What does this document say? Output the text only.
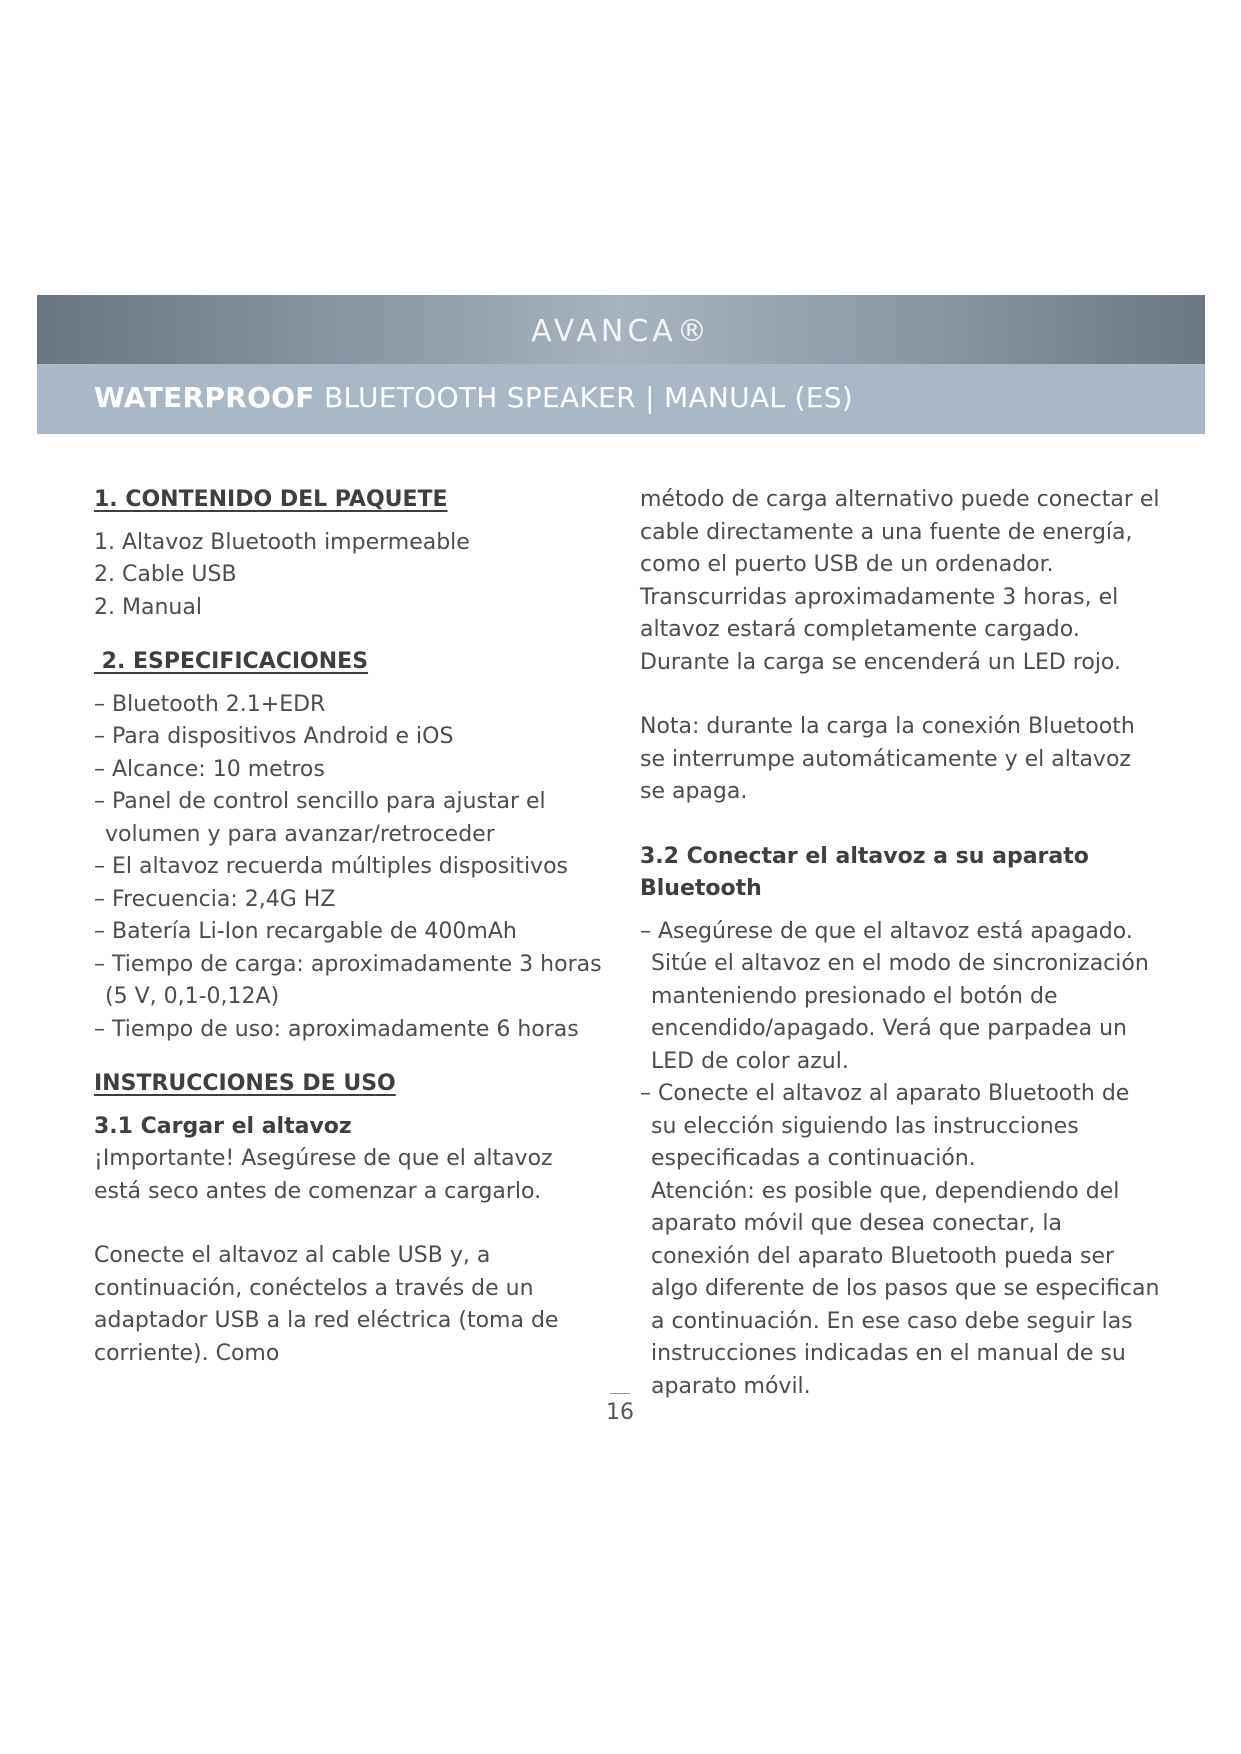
AVANCA®
WATERPROOF BLUETOOTH SPEAKER | MANUAL (ES)

1. CONTENIDO DEL PAQUETE

1. Altavoz Bluetooth impermeable
2. Cable USB
2. Manual

2. ESPECIFICACIONES

– Bluetooth 2.1+EDR
– Para dispositivos Android e iOS
– Alcance: 10 metros
– Panel de control sencillo para ajustar el volumen y para avanzar/retroceder
– El altavoz recuerda múltiples dispositivos
– Frecuencia: 2,4G HZ
– Batería Li-Ion recargable de 400mAh
– Tiempo de carga: aproximadamente 3 horas (5 V, 0,1-0,12A)
– Tiempo de uso: aproximadamente 6 horas

INSTRUCCIONES DE USO

3.1 Cargar el altavoz

¡Importante! Asegúrese de que el altavoz está seco antes de comenzar a cargarlo.

Conecte el altavoz al cable USB y, a continuación, conéctelos a través de un adaptador USB a la red eléctrica (toma de corriente). Como

método de carga alternativo puede conectar el cable directamente a una fuente de energía, como el puerto USB de un ordenador. Transcurridas aproximadamente 3 horas, el altavoz estará completamente cargado. Durante la carga se encenderá un LED rojo.

Nota: durante la carga la conexión Bluetooth se interrumpe automáticamente y el altavoz se apaga.

3.2 Conectar el altavoz a su aparato Bluetooth

– Asegúrese de que el altavoz está apagado. Sitúe el altavoz en el modo de sincronización manteniendo presionado el botón de encendido/apagado. Verá que parpadea un LED de color azul.
– Conecte el altavoz al aparato Bluetooth de su elección siguiendo las instrucciones especificadas a continuación.

Atención: es posible que, dependiendo del aparato móvil que desea conectar, la conexión del aparato Bluetooth pueda ser algo diferente de los pasos que se especifican a continuación. En ese caso debe seguir las instrucciones indicadas en el manual de su aparato móvil.

16
